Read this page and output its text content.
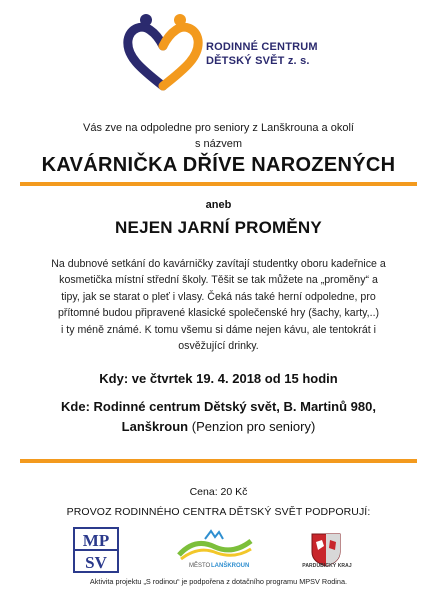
RODINNÉ CENTRUM
DĚTSKÝ SVĚT z. s.
Vás zve na odpoledne pro seniory z Lanškrouna a okolí
s názvem
KAVÁRNIČKA DŘÍVE NAROZENÝCH
aneb
NEJEN JARNÍ PROMĚNY
Na dubnové setkání do kavárničky zavítají studentky oboru kadeřnice a
kosmetička místní střední školy. Těšit se tak můžete na „proměny“ a
tipy, jak se starat o pleť i vlasy. Čeká nás také herní odpoledne, pro
přítomné budou připravené klasické společenské hry (šachy, karty,..)
i ty méně známé. K tomu všemu si dáme nejen kávu, ale tentokrát i
osvěžující drinky.
Kdy: ve čtvrtek 19. 4. 2018 od 15 hodin
Kde: Rodinné centrum Dětský svět, B. Martinů 980,
Lanškroun (Penzion pro seniory)
Cena: 20 Kč
PROVOZ RODINNÉHO CENTRA DĚTSKÝ SVĚT PODPORUJÍ:
MP
SV	MĚSTO LANŠKROUN	PARDUBICKÝ KRAJ
Aktivita projektu „S rodinou“ je podpořena z dotačního programu MPSV Rodina.
